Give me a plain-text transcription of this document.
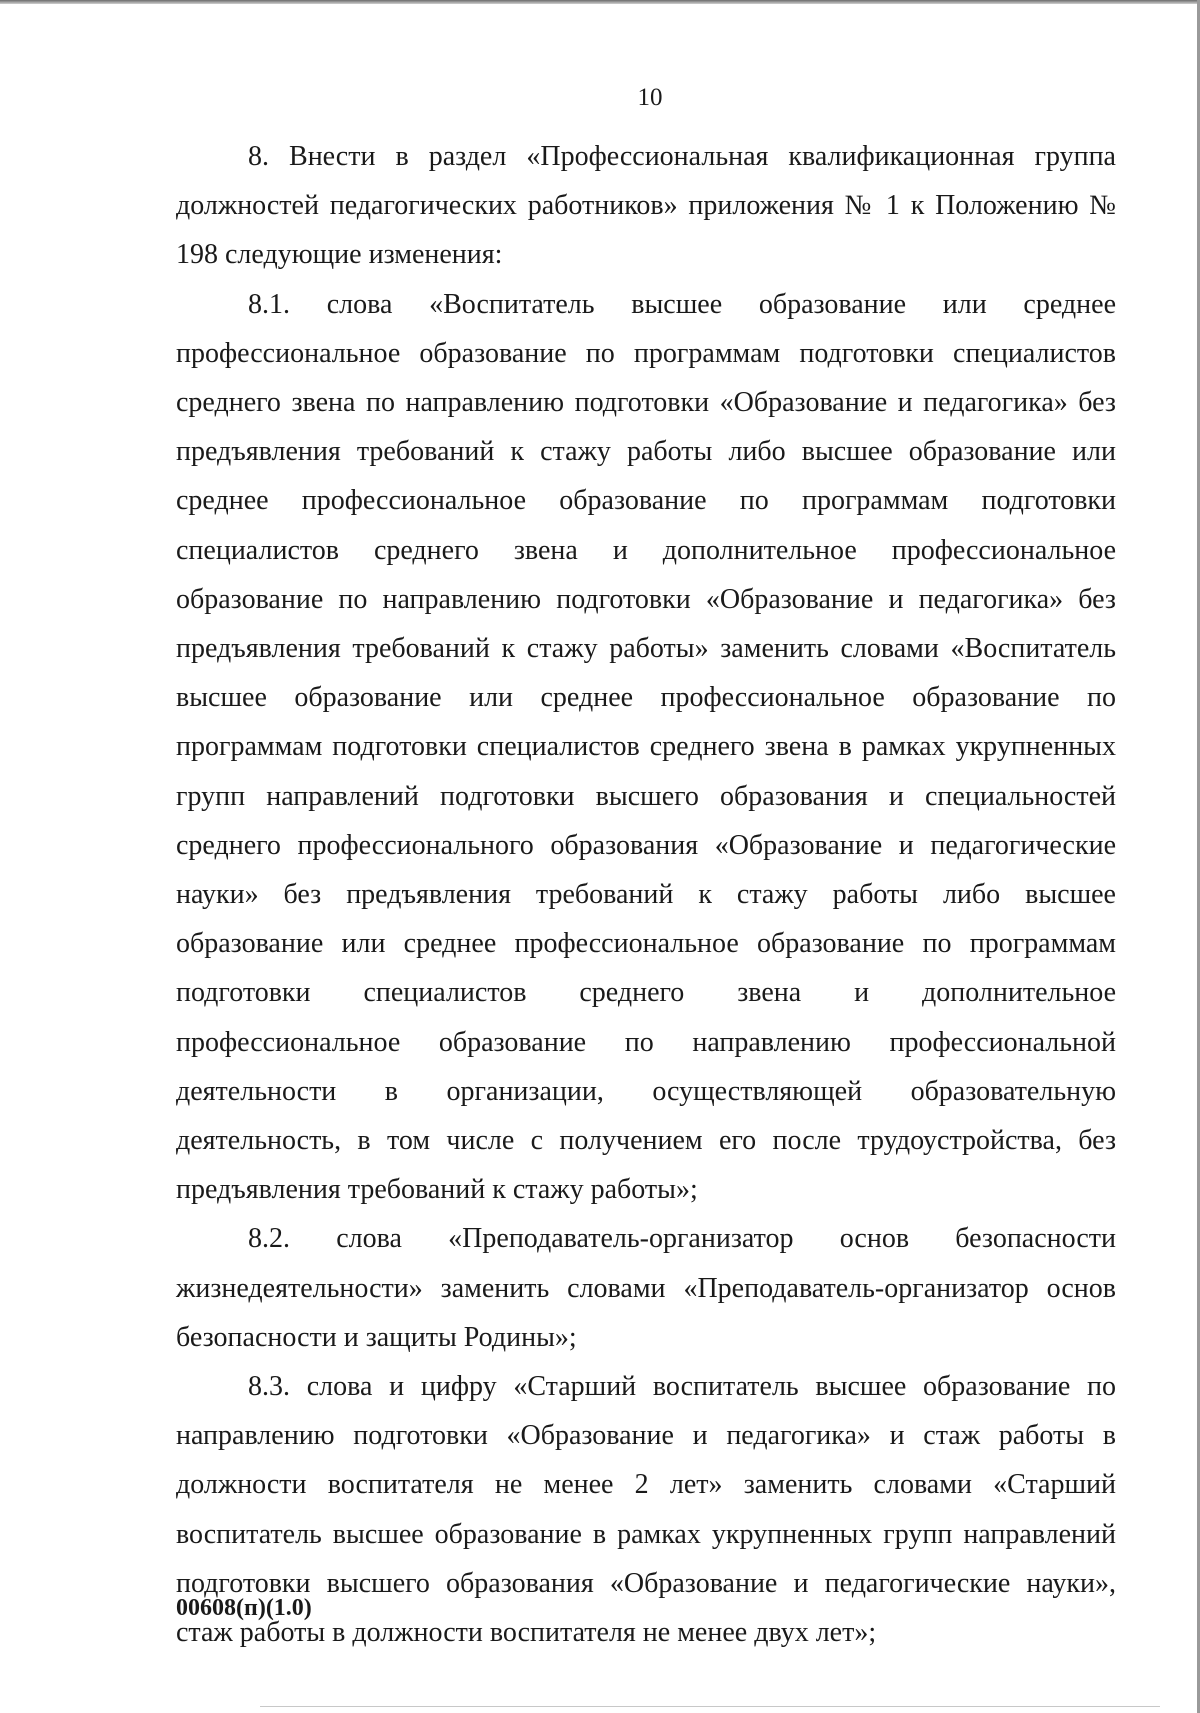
10

8. Внести в раздел «Профессиональная квалификационная группа должностей педагогических работников» приложения № 1 к Положению № 198 следующие изменения:

8.1. слова «Воспитатель высшее образование или среднее профессиональное образование по программам подготовки специалистов среднего звена по направлению подготовки «Образование и педагогика» без предъявления требований к стажу работы либо высшее образование или среднее профессиональное образование по программам подготовки специалистов среднего звена и дополнительное профессиональное образование по направлению подготовки «Образование и педагогика» без предъявления требований к стажу работы» заменить словами «Воспитатель высшее образование или среднее профессиональное образование по программам подготовки специалистов среднего звена в рамках укрупненных групп направлений подготовки высшего образования и специальностей среднего профессионального образования «Образование и педагогические науки» без предъявления требований к стажу работы либо высшее образование или среднее профессиональное образование по программам подготовки специалистов среднего звена и дополнительное профессиональное образование по направлению профессиональной деятельности в организации, осуществляющей образовательную деятельность, в том числе с получением его после трудоустройства, без предъявления требований к стажу работы»;

8.2. слова «Преподаватель-организатор основ безопасности жизнедеятельности» заменить словами «Преподаватель-организатор основ безопасности и защиты Родины»;

8.3. слова и цифру «Старший воспитатель высшее образование по направлению подготовки «Образование и педагогика» и стаж работы в должности воспитателя не менее 2 лет» заменить словами «Старший воспитатель высшее образование в рамках укрупненных групп направлений подготовки высшего образования «Образование и педагогические науки», стаж работы в должности воспитателя не менее двух лет»;

00608(п)(1.0)
